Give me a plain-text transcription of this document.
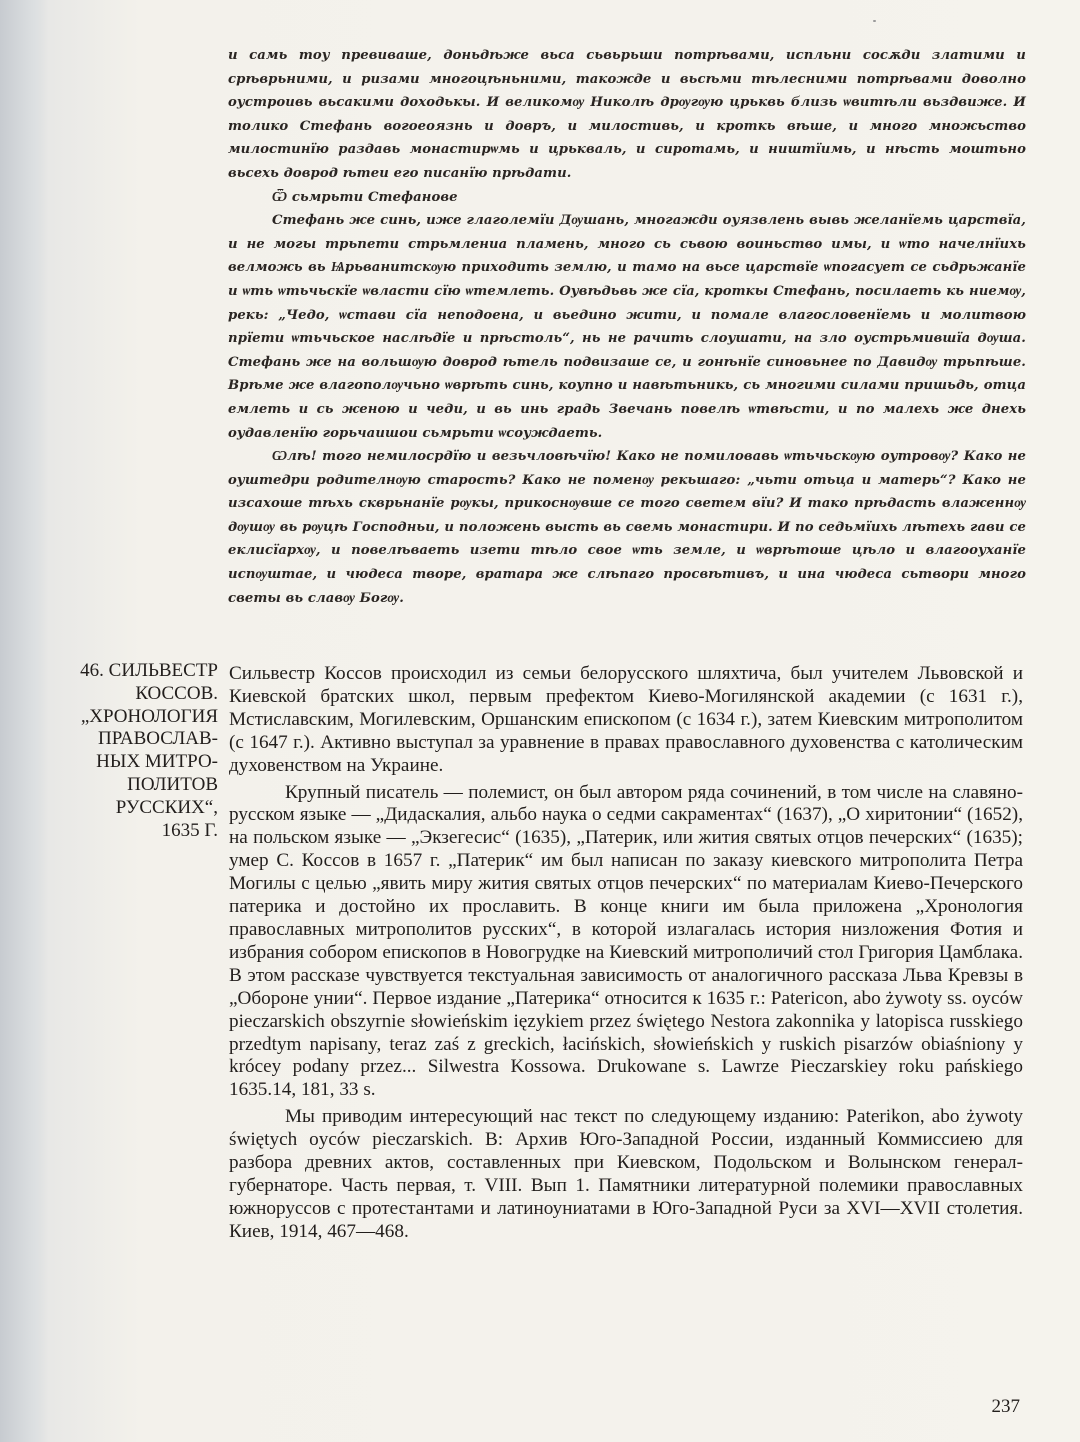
и самь тоу превиваше, доньдѣже вьса сьвьрьши потрѣвами, испльни сосѫди златими и срѣврьними, и ризами многоцѣньними, такожде и вьсѣми тѣлесними потрѣвами доволно оустроивь вьсакими доходькы. И великомѹ Николѣ дрѹгѹю црьквь близь ѡвитѣли вьздвиже. И толико Стефань вогоеоязнь и довръ, и милостивь, и кроткь вѣше, и много множьство милостинїю раздавь монастирѡмь и црькваль, и сиротамь, и ништїимь, и нѣсть моштьно вьсехь доврод ѣтеи его писанїю прѣдати.

Ѿ сьмрьти Стефанове

Стефань же синь, иже глаголемїи Дѹшань, многажди оуязвлень вывь желанїемь царствїа, и не могы трьпети стрьмлениа пламень, много сь сьвою воиньство имы, и ѡто начелнїихь велможь вь Ѩрьванитскѹю приходить землю, и тамо на вьсе царствїе ѡпогасует се сьдрьжанїе и ѡть ѡтьчьскїе ѡвласти сїю ѡтемлеть. Оувѣдьвь же сїа, кроткы Стефань, посилаеть кь ниемѹ, рекь: „Чедо, ѡстави сїа неподоена, и вьедино жити, и помале влагословенїемь и молитвою прїети ѡтьчьское наслѣдїе и прѣстоль“, нь не рачить слоушати, на зло оустрьмившїа дѹша. Стефань же на вольшѹю доврод ѣтель подвизаше се, и гонѣнїе синовьнее по Давидѹ трьпѣше. Врѣме же влагополѹчьно ѡврѣть синь, коупно и навѣтьникь, сь многими силами пришьдь, отца емлеть и сь женою и чеди, и вь инь градь Звечань повелѣ ѡтвѣсти, и по малехь же днехь оудавленїю горьчаишои сьмрьти ѡсоуждаеть.

Ѡлѣ! того немилосрдїю и везьчловѣчїю! Како не помиловавь ѡтьчьскѹю оутровѹ? Како не оуштедри родителнѹю старость? Како не поменѹ рекьшаго: „чьти отьца и матерь“? Како не изсахоше тѣхь скврьнанїе рѹкы, прикоснѹвше се того светем вїи? И тако прѣдасть влаженнѹ дѹшѹ вь рѹцѣ Господньи, и положень высть вь свемь монастири. И по седьмїихь лѣтехь гави се еклисїархѹ, и повелѣваеть изети тѣло свое ѡть земле, и ѡврѣтоше цѣло и влагооуханїе испѹштае, и чюдеса творе, вратара же слѣпаго просвѣтивъ, и ина чюдеса сьтвори много светы вь славѹ Богѹ.

46. СИЛЬВЕСТР
КОССОВ.
„ХРОНОЛОГИЯ
ПРАВОСЛАВ-
НЫХ МИТРО-
ПОЛИТОВ
РУССКИХ“,
1635 Г.

Сильвестр Коссов происходил из семьи белорусского шляхтича, был учителем Львовской и Киевской братских школ, первым префектом Киево-Могилянской академии (с 1631 г.), Мстиславским, Могилевским, Оршанским епископом (с 1634 г.), затем Киевским митрополитом (с 1647 г.). Активно выступал за уравнение в правах православного духовенства с католическим духовенством на Украине.

Крупный писатель — полемист, он был автором ряда сочинений, в том числе на славяно-русском языке — „Дидаскалия, альбо наука о седми сакраментах“ (1637), „О хиритонии“ (1652), на польском языке — „Экзегесис“ (1635), „Патерик, или жития святых отцов печерских“ (1635); умер С. Коссов в 1657 г. „Патерик“ им был написан по заказу киевского митрополита Петра Могилы с целью „явить миру жития святых отцов печерских“ по материалам Киево-Печерского патерика и достойно их прославить. В конце книги им была приложена „Хронология православных митрополитов русских“, в которой излагалась история низложения Фотия и избрания собором епископов в Новогрудке на Киевский митрополичий стол Григория Цамблака. В этом рассказе чувствуется текстуальная зависимость от аналогичного рассказа Льва Кревзы в „Обороне унии“. Первое издание „Патерика“ относится к 1635 г.: Patericon, abo żywoty ss. oyców pieczarskich obszyrnie słowieńskim ięzykiem przez świętego Nestora zakonnika y latopisca russkiego przedtym napisany, teraz zaś z greckich, łacińskich, słowieńskich y ruskich pisarzów obiaśniony y krócey podany przez... Silwestra Kossowa. Drukowane s. Lawrze Pieczarskiey roku pańskiego 1635.14, 181, 33 s.

Мы приводим интересующий нас текст по следующему изданию: Paterikon, abo żywoty świętych oyców pieczarskich. В: Архив Юго-Западной России, изданный Коммиссиею для разбора древних актов, составленных при Киевском, Подольском и Волынском генерал-губернаторе. Часть первая, т. VIII. Вып 1. Памятники литературной полемики православных южноруссов с протестантами и латиноуниатами в Юго-Западной Руси за XVI—XVII столетия. Киев, 1914, 467—468.

237
